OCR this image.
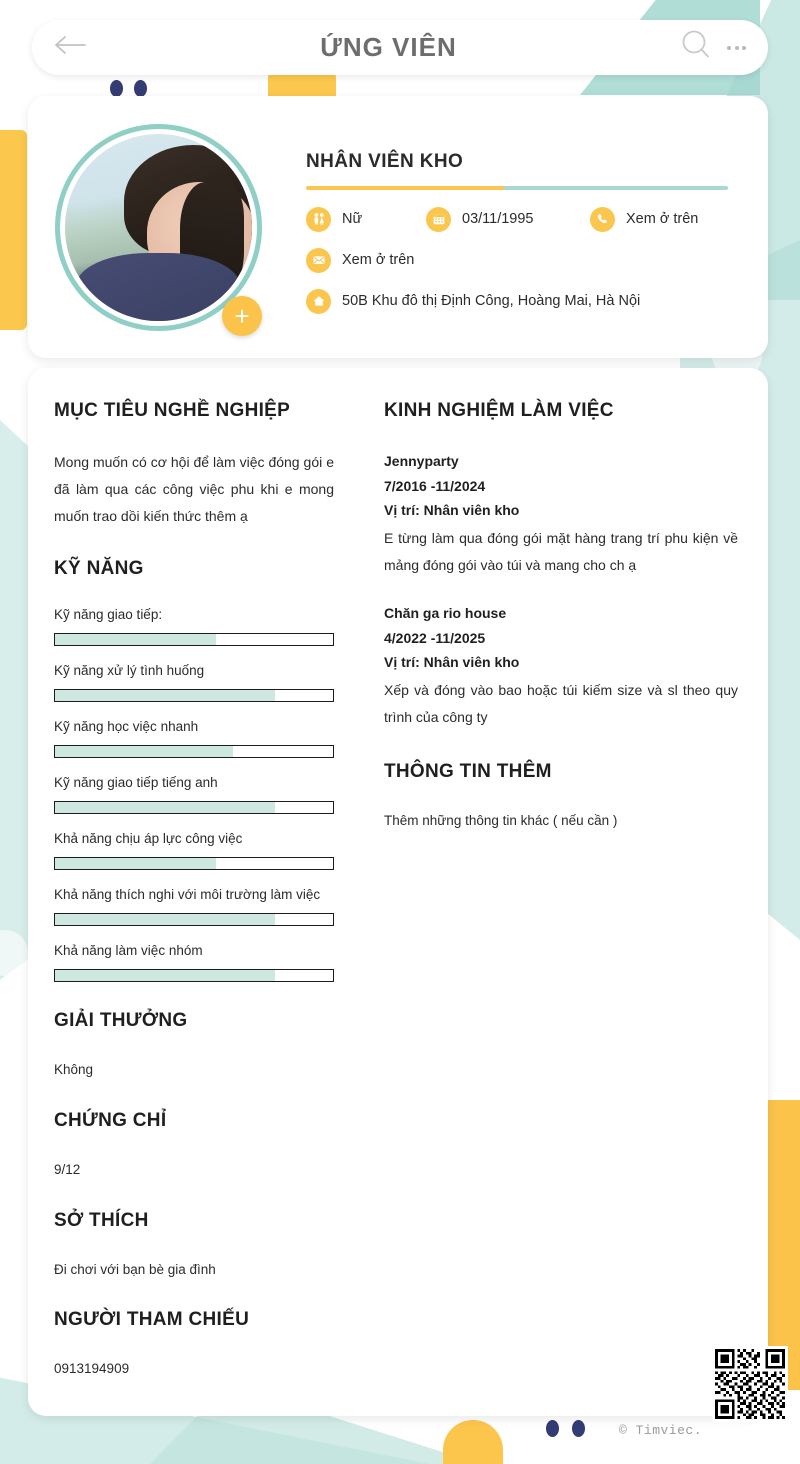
ỨNG VIÊN
+
NHÂN VIÊN KHO
Nữ	03/11/1995	Xem ở trên
Xem ở trên
50B Khu đô thị Định Công, Hoàng Mai, Hà Nội
MỤC TIÊU NGHỀ NGHIỆP
Mong muốn có cơ hội để làm việc đóng gói e đã làm qua các công việc phu khi e mong muốn trao dồi kiến thức thêm ạ
KỸ NĂNG
Kỹ năng giao tiếp:
Kỹ năng xử lý tình huống
Kỹ năng học việc nhanh
Kỹ năng giao tiếp tiếng anh
Khả năng chịu áp lực công việc
Khả năng thích nghi với môi trường làm việc
Khả năng làm việc nhóm
GIẢI THƯỞNG
Không
CHỨNG CHỈ
9/12
SỞ THÍCH
Đi chơi với bạn bè gia đình
NGƯỜI THAM CHIẾU
0913194909
KINH NGHIỆM LÀM VIỆC
Jennyparty
7/2016 -11/2024
Vị trí: Nhân viên kho
E từng làm qua đóng gói mặt hàng trang trí phu kiện về mảng đóng gói vào túi và mang cho ch ạ
Chăn ga rio house
4/2022 -11/2025
Vị trí: Nhân viên kho
Xếp và đóng vào bao hoặc túi kiếm size và sl theo quy trình của công ty
THÔNG TIN THÊM
Thêm những thông tin khác ( nếu cần )
© Timviec.
